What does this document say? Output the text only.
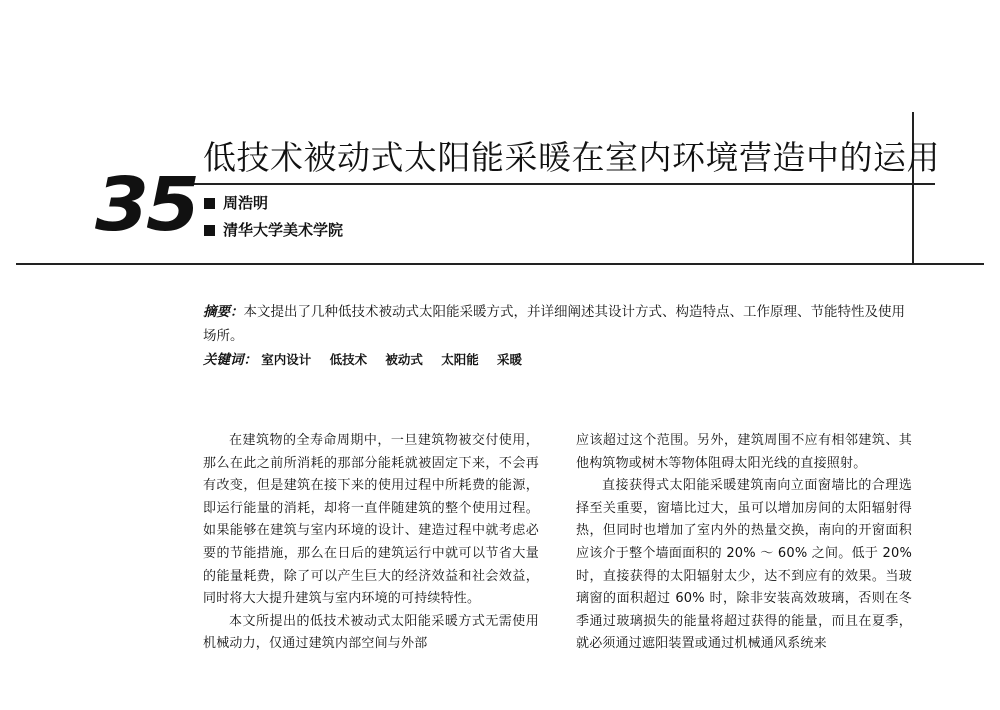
低技术被动式太阳能采暖在室内环境营造中的运用
35 周浩明
清华大学美术学院
摘要：本文提出了几种低技术被动式太阳能采暖方式，并详细阐述其设计方式、构造特点、工作原理、节能特性及使用场所。
关键词： 室内设计 低技术 被动式 太阳能 采暖

在建筑物的全寿命周期中，一旦建筑物被交付使用，那么在此之前所消耗的那部分能耗就被固定下来，不会再有改变，但是建筑在接下来的使用过程中所耗费的能源，即运行能量的消耗，却将一直伴随建筑的整个使用过程。如果能够在建筑与室内环境的设计、建造过程中就考虑必要的节能措施，那么在日后的建筑运行中就可以节省大量的能量耗费，除了可以产生巨大的经济效益和社会效益，同时将大大提升建筑与室内环境的可持续特性。

本文所提出的低技术被动式太阳能采暖方式无需使用机械动力，仅通过建筑内部空间与外部

应该超过这个范围。另外，建筑周围不应有相邻建筑、其他构筑物或树木等物体阻碍太阳光线的直接照射。

直接获得式太阳能采暖建筑南向立面窗墙比的合理选择至关重要，窗墙比过大，虽可以增加房间的太阳辐射得热，但同时也增加了室内外的热量交换，南向的开窗面积应该介于整个墙面面积的 20% ～ 60% 之间。低于 20% 时，直接获得的太阳辐射太少，达不到应有的效果。当玻璃窗的面积超过 60% 时，除非安装高效玻璃，否则在冬季通过玻璃损失的能量将超过获得的能量，而且在夏季，就必须通过遮阳装置或通过机械通风系统来
